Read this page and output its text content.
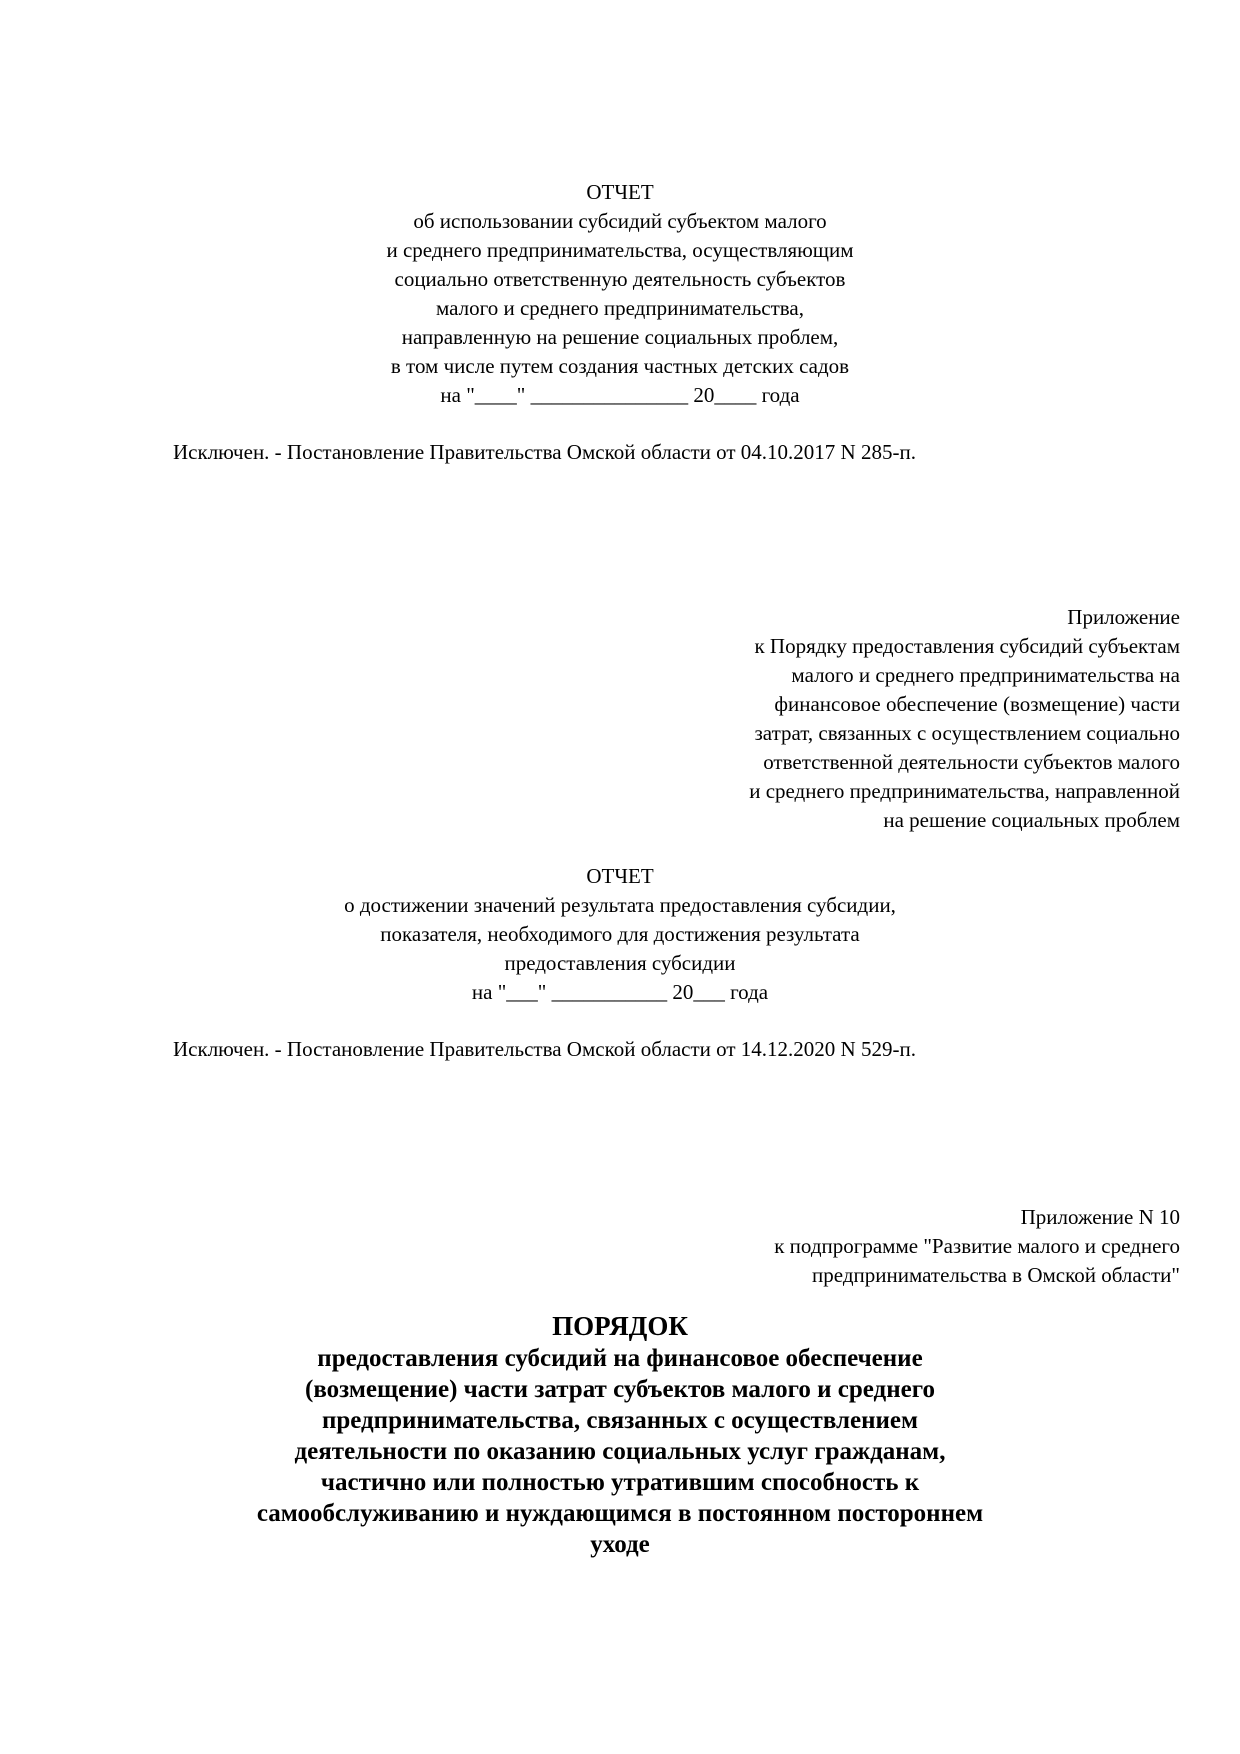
ОТЧЕТ
об использовании субсидий субъектом малого
и среднего предпринимательства, осуществляющим
социально ответственную деятельность субъектов
малого и среднего предпринимательства,
направленную на решение социальных проблем,
в том числе путем создания частных детских садов
на "____" _______________ 20____ года
Исключен. - Постановление Правительства Омской области от 04.10.2017 N 285-п.
Приложение
к Порядку предоставления субсидий субъектам
малого и среднего предпринимательства на
финансовое обеспечение (возмещение) части
затрат, связанных с осуществлением социально
ответственной деятельности субъектов малого
и среднего предпринимательства, направленной
на решение социальных проблем
ОТЧЕТ
о достижении значений результата предоставления субсидии,
показателя, необходимого для достижения результата
предоставления субсидии
на "___" ___________ 20___ года
Исключен. - Постановление Правительства Омской области от 14.12.2020 N 529-п.
Приложение N 10
к подпрограмме "Развитие малого и среднего
предпринимательства в Омской области"
ПОРЯДОК
предоставления субсидий на финансовое обеспечение
(возмещение) части затрат субъектов малого и среднего
предпринимательства, связанных с осуществлением
деятельности по оказанию социальных услуг гражданам,
частично или полностью утратившим способность к
самообслуживанию и нуждающимся в постоянном постороннем
уходе
